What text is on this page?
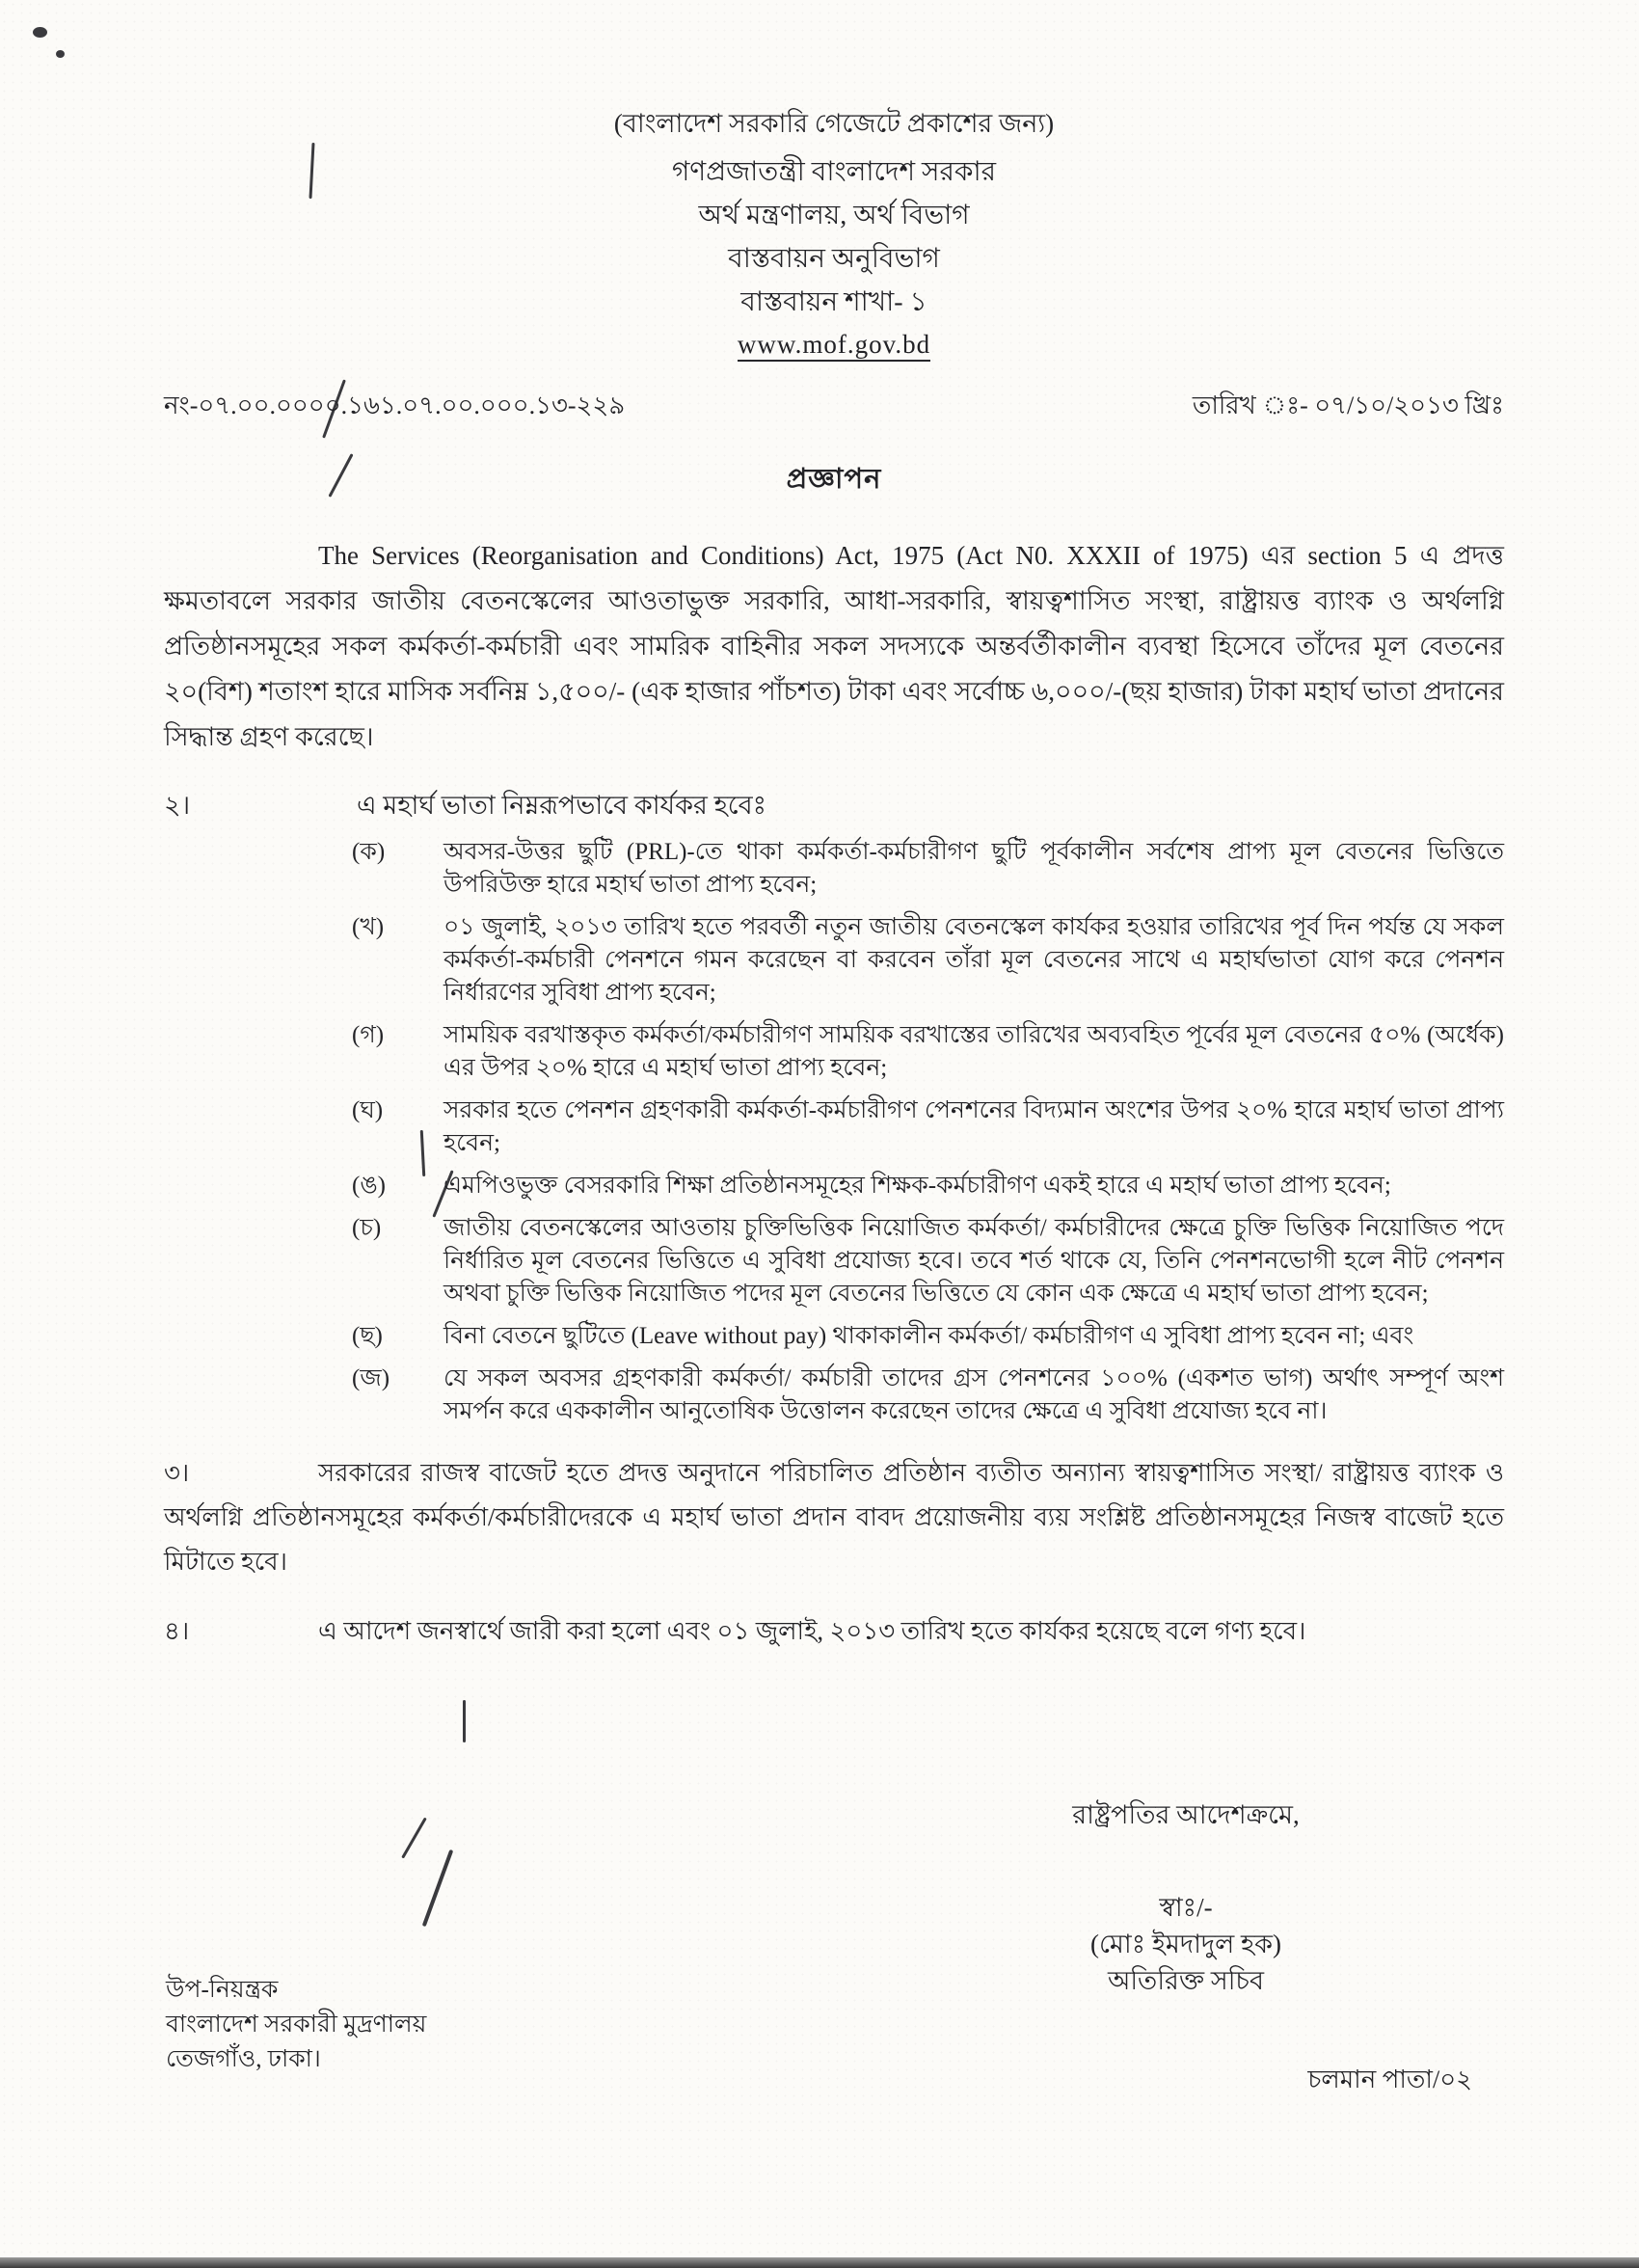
(বাংলাদেশ সরকারি গেজেটে প্রকাশের জন্য)
গণপ্রজাতন্ত্রী বাংলাদেশ সরকার
অর্থ মন্ত্রণালয়, অর্থ বিভাগ
বাস্তবায়ন অনুবিভাগ
বাস্তবায়ন শাখা- ১
www.mof.gov.bd
নং-০৭.০০.০০০০.১৬১.০৭.০০.০০০.১৩-২২৯	তারিখ ঃ- ০৭/১০/২০১৩ খ্রিঃ
প্রজ্ঞাপন

The Services (Reorganisation and Conditions) Act, 1975 (Act N0. XXXII of 1975) এর section 5 এ প্রদত্ত ক্ষমতাবলে সরকার জাতীয় বেতনস্কেলের আওতাভুক্ত সরকারি, আধা-সরকারি, স্বায়ত্বশাসিত সংস্থা, রাষ্ট্রায়ত্ত ব্যাংক ও অর্থলগ্নি প্রতিষ্ঠানসমূহের সকল কর্মকর্তা-কর্মচারী এবং সামরিক বাহিনীর সকল সদস্যকে অন্তর্বর্তীকালীন ব্যবস্থা হিসেবে তাঁদের মূল বেতনের ২০(বিশ) শতাংশ হারে মাসিক সর্বনিম্ন ১,৫০০/- (এক হাজার পাঁচশত) টাকা এবং সর্বোচ্চ ৬,০০০/-(ছয় হাজার) টাকা মহার্ঘ ভাতা প্রদানের সিদ্ধান্ত গ্রহণ করেছে।

২।	এ মহার্ঘ ভাতা নিম্নরূপভাবে কার্যকর হবেঃ
(ক)	অবসর-উত্তর ছুটি (PRL)-তে থাকা কর্মকর্তা-কর্মচারীগণ ছুটি পূর্বকালীন সর্বশেষ প্রাপ্য মূল বেতনের ভিত্তিতে উপরিউক্ত হারে মহার্ঘ ভাতা প্রাপ্য হবেন;
(খ)	০১ জুলাই, ২০১৩ তারিখ হতে পরবর্তী নতুন জাতীয় বেতনস্কেল কার্যকর হওয়ার তারিখের পূর্ব দিন পর্যন্ত যে সকল কর্মকর্তা-কর্মচারী পেনশনে গমন করেছেন বা করবেন তাঁরা মূল বেতনের সাথে এ মহার্ঘভাতা যোগ করে পেনশন নির্ধারণের সুবিধা প্রাপ্য হবেন;
(গ)	সাময়িক বরখাস্তকৃত কর্মকর্তা/কর্মচারীগণ সাময়িক বরখাস্তের তারিখের অব্যবহিত পূর্বের মূল বেতনের ৫০% (অর্ধেক) এর উপর ২০% হারে এ মহার্ঘ ভাতা প্রাপ্য হবেন;
(ঘ)	সরকার হতে পেনশন গ্রহণকারী কর্মকর্তা-কর্মচারীগণ পেনশনের বিদ্যমান অংশের উপর ২০% হারে মহার্ঘ ভাতা প্রাপ্য হবেন;
(ঙ)	এমপিওভুক্ত বেসরকারি শিক্ষা প্রতিষ্ঠানসমূহের শিক্ষক-কর্মচারীগণ একই হারে এ মহার্ঘ ভাতা প্রাপ্য হবেন;
(চ)	জাতীয় বেতনস্কেলের আওতায় চুক্তিভিত্তিক নিয়োজিত কর্মকর্তা/ কর্মচারীদের ক্ষেত্রে চুক্তি ভিত্তিক নিয়োজিত পদে নির্ধারিত মূল বেতনের ভিত্তিতে এ সুবিধা প্রযোজ্য হবে। তবে শর্ত থাকে যে, তিনি পেনশনভোগী হলে নীট পেনশন অথবা চুক্তি ভিত্তিক নিয়োজিত পদের মূল বেতনের ভিত্তিতে যে কোন এক ক্ষেত্রে এ মহার্ঘ ভাতা প্রাপ্য হবেন;
(ছ)	বিনা বেতনে ছুটিতে (Leave without pay) থাকাকালীন কর্মকর্তা/ কর্মচারীগণ এ সুবিধা প্রাপ্য হবেন না; এবং
(জ)	যে সকল অবসর গ্রহণকারী কর্মকর্তা/ কর্মচারী তাদের গ্রস পেনশনের ১০০% (একশত ভাগ) অর্থাৎ সম্পূর্ণ অংশ সমর্পন করে এককালীন আনুতোষিক উত্তোলন করেছেন তাদের ক্ষেত্রে এ সুবিধা প্রযোজ্য হবে না।

৩।	সরকারের রাজস্ব বাজেট হতে প্রদত্ত অনুদানে পরিচালিত প্রতিষ্ঠান ব্যতীত অন্যান্য স্বায়ত্বশাসিত সংস্থা/ রাষ্ট্রায়ত্ত ব্যাংক ও অর্থলগ্নি প্রতিষ্ঠানসমূহের কর্মকর্তা/কর্মচারীদেরকে এ মহার্ঘ ভাতা প্রদান বাবদ প্রয়োজনীয় ব্যয় সংশ্লিষ্ট প্রতিষ্ঠানসমূহের নিজস্ব বাজেট হতে মিটাতে হবে।

৪।	এ আদেশ জনস্বার্থে জারী করা হলো এবং ০১ জুলাই, ২০১৩ তারিখ হতে কার্যকর হয়েছে বলে গণ্য হবে।

রাষ্ট্রপতির আদেশক্রমে,
স্বাঃ/-
(মোঃ ইমদাদুল হক)
অতিরিক্ত সচিব
উপ-নিয়ন্ত্রক
বাংলাদেশ সরকারী মুদ্রণালয়
তেজগাঁও, ঢাকা।
চলমান পাতা/০২
